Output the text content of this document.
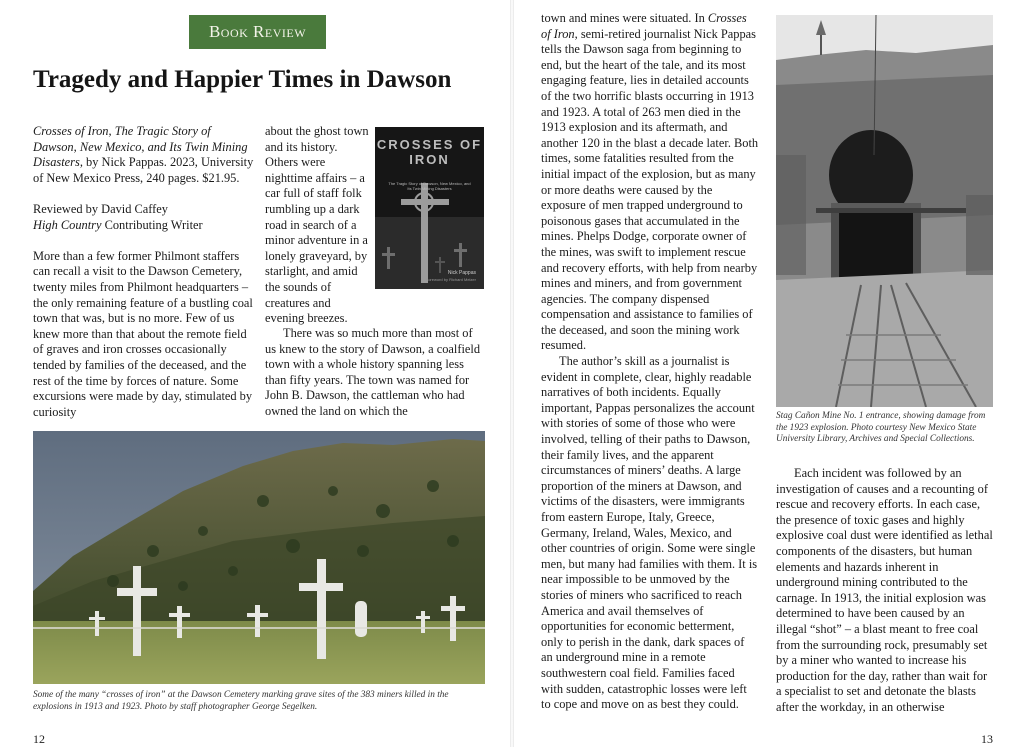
Book Review
Tragedy and Happier Times in Dawson

Crosses of Iron, The Tragic Story of Dawson, New Mexico, and Its Twin Mining Disasters, by Nick Pappas. 2023, University of New Mexico Press, 240 pages. $21.95.

Reviewed by David Caffey
High Country Contributing Writer

More than a few former Philmont staffers can recall a visit to the Dawson Cemetery, twenty miles from Philmont headquarters – the only remaining feature of a bustling coal town that was, but is no more. Few of us knew more than that about the remote field of graves and iron crosses occasionally tended by families of the deceased, and the rest of the time by forces of nature. Some excursions were made by day, stimulated by curiosity

about the ghost town and its history. Others were nighttime affairs – a car full of staff folk rumbling up a dark road in search of a minor adventure in a lonely graveyard, by starlight, and amid the sounds of creatures and evening breezes.

There was so much more than most of us knew to the story of Dawson, a coalfield town with a whole history spanning less than fifty years. The town was named for John B. Dawson, the cattleman who had owned the land on which the

CROSSES OF IRON
The Tragic Story of Dawson, New Mexico, and Its Twin Mining Disasters
Nick Pappas
Foreword by Richard Melzer
Some of the many “crosses of iron” at the Dawson Cemetery marking grave sites of the 383 miners killed in the explosions in 1913 and 1923. Photo by staff photographer George Segelken.
12

town and mines were situated. In Crosses of Iron, semi-retired journalist Nick Pappas tells the Dawson saga from beginning to end, but the heart of the tale, and its most engaging feature, lies in detailed accounts of the two horrific blasts occurring in 1913 and 1923. A total of 263 men died in the 1913 explosion and its aftermath, and another 120 in the blast a decade later. Both times, some fatalities resulted from the initial impact of the explosion, but as many or more deaths were caused by the exposure of men trapped underground to poisonous gases that accumulated in the mines. Phelps Dodge, corporate owner of the mines, was swift to implement rescue and recovery efforts, with help from nearby mines and miners, and from government agencies. The company dispensed compensation and assistance to families of the deceased, and soon the mining work resumed.

The author’s skill as a journalist is evident in complete, clear, highly readable narratives of both incidents. Equally important, Pappas personalizes the account with stories of some of those who were involved, telling of their paths to Dawson, their family lives, and the apparent circumstances of miners’ deaths. A large proportion of the miners at Dawson, and victims of the disasters, were immigrants from eastern Europe, Italy, Greece, Germany, Ireland, Wales, Mexico, and other countries of origin. Some were single men, but many had families with them. It is near impossible to be unmoved by the stories of miners who sacrificed to reach America and avail themselves of opportunities for economic betterment, only to perish in the dank, dark spaces of an underground mine in a remote southwestern coal field. Families faced with sudden, catastrophic losses were left to cope and move on as best they could.

Stag Cañon Mine No. 1 entrance, showing damage from the 1923 explosion. Photo courtesy New Mexico State University Library, Archives and Special Collections.

Each incident was followed by an investigation of causes and a recounting of rescue and recovery efforts. In each case, the presence of toxic gases and highly explosive coal dust were identified as lethal components of the disasters, but human elements and hazards inherent in underground mining contributed to the carnage. In 1913, the initial explosion was determined to have been caused by an illegal “shot” – a blast meant to free coal from the surrounding rock, presumably set by a miner who wanted to increase his production for the day, rather than wait for a specialist to set and detonate the blasts after the workday, in an otherwise

13
